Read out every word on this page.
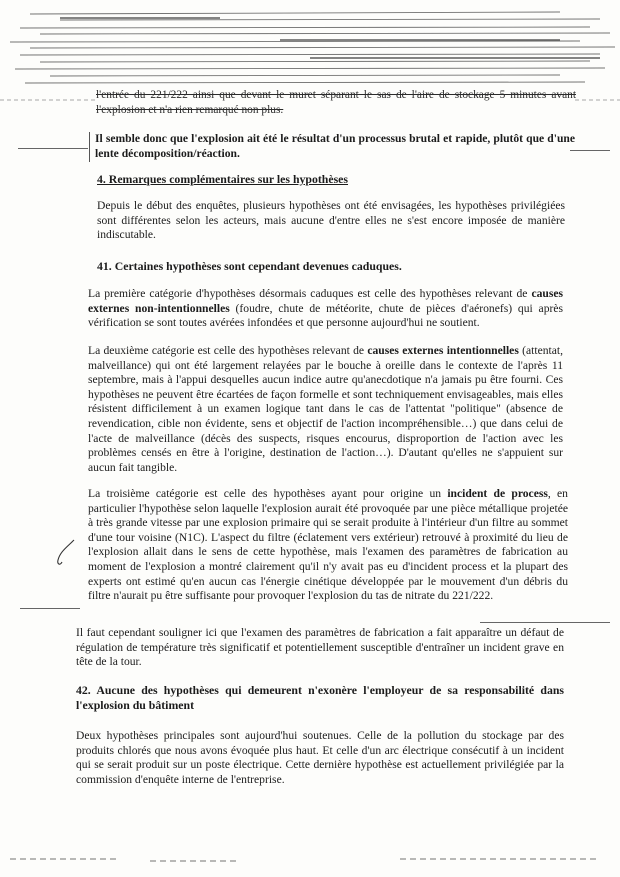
l'entrée du 221/222 ainsi que devant le muret séparant le sas de l'aire de stockage 5 minutes avant l'explosion et n'a rien remarqué non plus.

Il semble donc que l'explosion ait été le résultat d'un processus brutal et rapide, plutôt que d'une lente décomposition/réaction.
4. Remarques complémentaires sur les hypothèses

Depuis le début des enquêtes, plusieurs hypothèses ont été envisagées, les hypothèses privilégiées sont différentes selon les acteurs, mais aucune d'entre elles ne s'est encore imposée de manière indiscutable.

41. Certaines hypothèses sont cependant devenues caduques.

La première catégorie d'hypothèses désormais caduques est celle des hypothèses relevant de causes externes non-intentionnelles (foudre, chute de météorite, chute de pièces d'aéronefs) qui après vérification se sont toutes avérées infondées et que personne aujourd'hui ne soutient.

La deuxième catégorie est celle des hypothèses relevant de causes externes intentionnelles (attentat, malveillance) qui ont été largement relayées par le bouche à oreille dans le contexte de l'après 11 septembre, mais à l'appui desquelles aucun indice autre qu'anecdotique n'a jamais pu être fourni. Ces hypothèses ne peuvent être écartées de façon formelle et sont techniquement envisageables, mais elles résistent difficilement à un examen logique tant dans le cas de l'attentat "politique" (absence de revendication, cible non évidente, sens et objectif de l'action incompréhensible…) que dans celui de l'acte de malveillance (décès des suspects, risques encourus, disproportion de l'action avec les problèmes censés en être à l'origine, destination de l'action…). D'autant qu'elles ne s'appuient sur aucun fait tangible.

La troisième catégorie est celle des hypothèses ayant pour origine un incident de process, en particulier l'hypothèse selon laquelle l'explosion aurait été provoquée par une pièce métallique projetée à très grande vitesse par une explosion primaire qui se serait produite à l'intérieur d'un filtre au sommet d'une tour voisine (N1C). L'aspect du filtre (éclatement vers extérieur) retrouvé à proximité du lieu de l'explosion allait dans le sens de cette hypothèse, mais l'examen des paramètres de fabrication au moment de l'explosion a montré clairement qu'il n'y avait pas eu d'incident process et la plupart des experts ont estimé qu'en aucun cas l'énergie cinétique développée par le mouvement d'un débris du filtre n'aurait pu être suffisante pour provoquer l'explosion du tas de nitrate du 221/222.

Il faut cependant souligner ici que l'examen des paramètres de fabrication a fait apparaître un défaut de régulation de température très significatif et potentiellement susceptible d'entraîner un incident grave en tête de la tour.

42. Aucune des hypothèses qui demeurent n'exonère l'employeur de sa responsabilité dans l'explosion du bâtiment

Deux hypothèses principales sont aujourd'hui soutenues. Celle de la pollution du stockage par des produits chlorés que nous avons évoquée plus haut. Et celle d'un arc électrique consécutif à un incident qui se serait produit sur un poste électrique. Cette dernière hypothèse est actuellement privilégiée par la commission d'enquête interne de l'entreprise.
